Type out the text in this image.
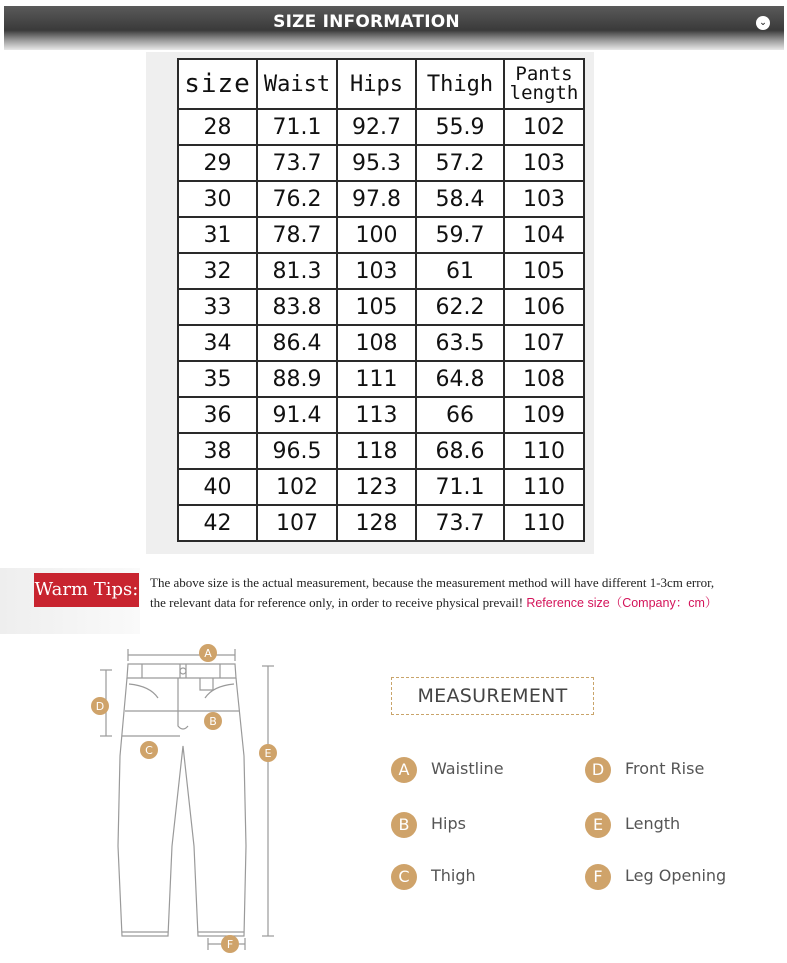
SIZE INFORMATION	⌄
size	Waist	Hips	Thigh	Pants
length
28	71.1	92.7	55.9	102
29	73.7	95.3	57.2	103
30	76.2	97.8	58.4	103
31	78.7	100	59.7	104
32	81.3	103	61	105
33	83.8	105	62.2	106
34	86.4	108	63.5	107
35	88.9	111	64.8	108
36	91.4	113	66	109
38	96.5	118	68.6	110
40	102	123	71.1	110
42	107	128	73.7	110
Warm Tips: The above size is the actual measurement, because the measurement method will have different 1-3cm error,
the relevant data for reference only, in order to receive physical prevail! Reference size（Company：cm）
A
B
C
D
E
F
MEASUREMENT
A	Waistline
B	Hips
C	Thigh
D	Front Rise
E	Length
F	Leg Opening
